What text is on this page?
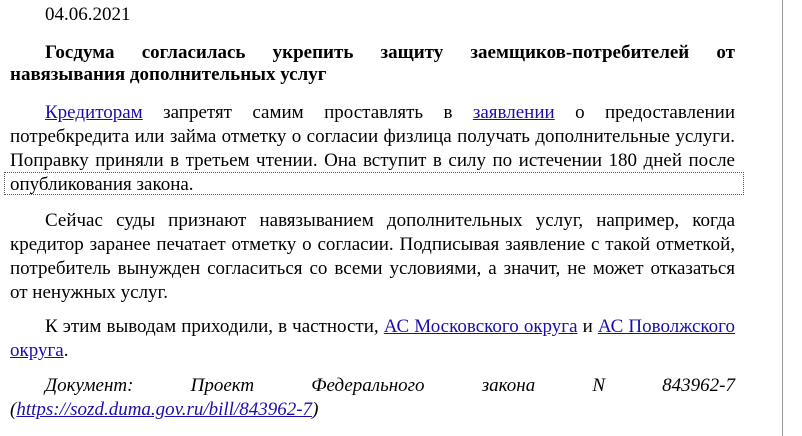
04.06.2021
Госдума согласилась укрепить защиту заемщиков-потребителей от навязывания дополнительных услуг
Кредиторам запретят самим проставлять в заявлении о предоставлении потребкредита или займа отметку о согласии физлица получать дополнительные услуги. Поправку приняли в третьем чтении. Она вступит в силу по истечении 180 дней после опубликования закона.
Сейчас суды признают навязыванием дополнительных услуг, например, когда кредитор заранее печатает отметку о согласии. Подписывая заявление с такой отметкой, потребитель вынужден согласиться со всеми условиями, а значит, не может отказаться от ненужных услуг.
К этим выводам приходили, в частности, АС Московского округа и АС Поволжского округа.
Документ: Проект Федерального закона N 843962-7 (https://sozd.duma.gov.ru/bill/843962-7)
